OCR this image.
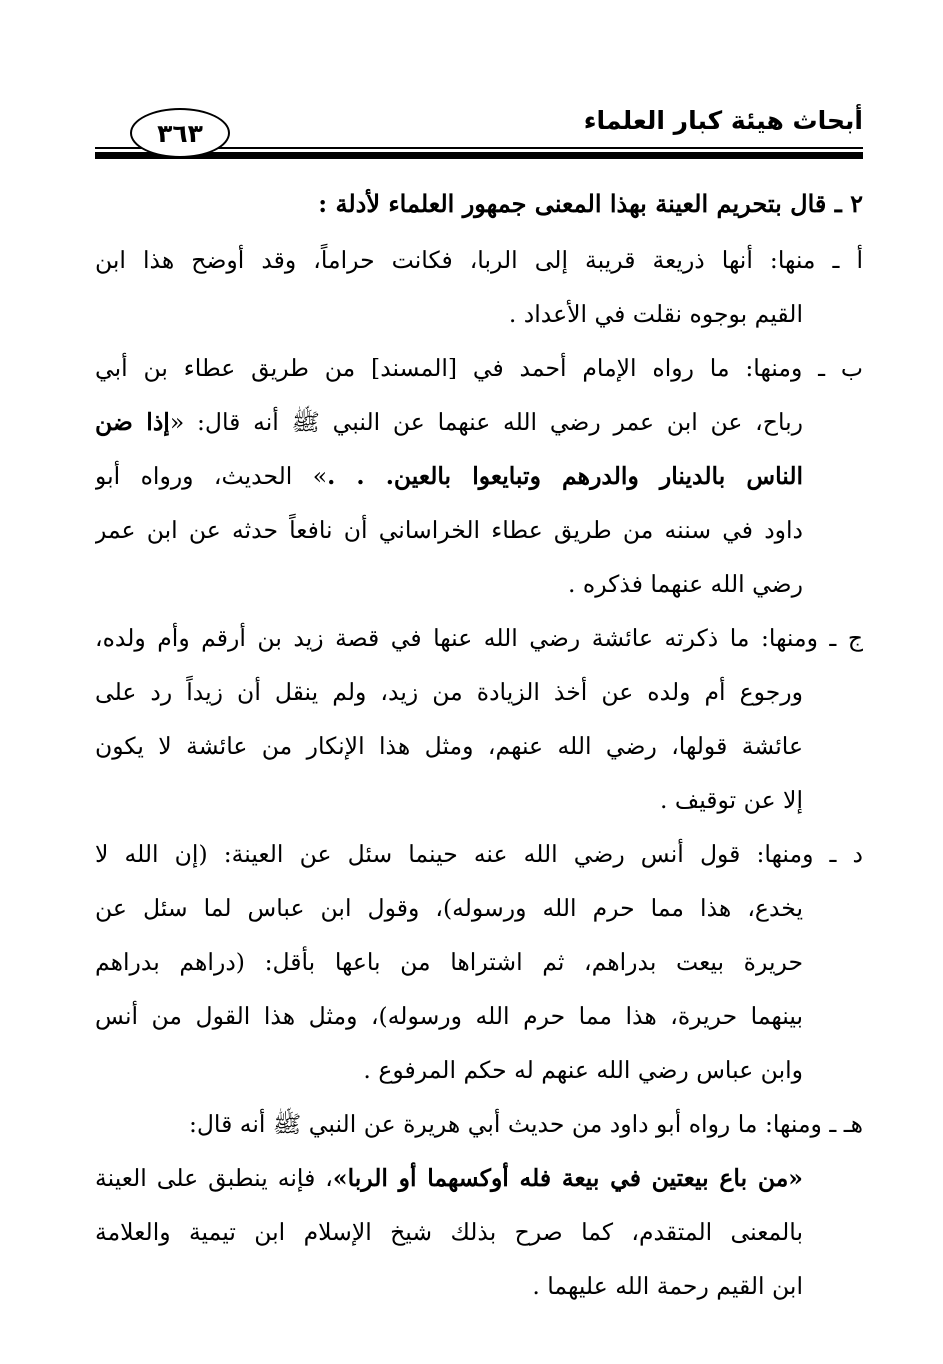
أبحاث هيئة كبار العلماء
٣٦٣
٢ ـ قال بتحريم العينة بهذا المعنى جمهور العلماء لأدلة :
أ ـ منها: أنها ذريعة قريبة إلى الربا، فكانت حراماً، وقد أوضح هذا ابن
القيم بوجوه نقلت في الأعداد .
ب ـ ومنها: ما رواه الإمام أحمد في [المسند] من طريق عطاء بن أبي
رباح، عن ابن عمر رضي الله عنهما عن النبي ﷺ أنه قال: «إذا ضن
الناس بالدينار والدرهم وتبايعوا بالعين. . .» الحديث، ورواه أبو
داود في سننه من طريق عطاء الخراساني أن نافعاً حدثه عن ابن عمر
رضي الله عنهما فذكره .
ج ـ ومنها: ما ذكرته عائشة رضي الله عنها في قصة زيد بن أرقم وأم ولده،
ورجوع أم ولده عن أخذ الزيادة من زيد، ولم ينقل أن زيداً رد على
عائشة قولها، رضي الله عنهم، ومثل هذا الإنكار من عائشة لا يكون
إلا عن توقيف .
د ـ ومنها: قول أنس رضي الله عنه حينما سئل عن العينة: (إن الله لا
يخدع، هذا مما حرم الله ورسوله)، وقول ابن عباس لما سئل عن
حريرة بيعت بدراهم، ثم اشتراها من باعها بأقل: (دراهم بدراهم
بينهما حريرة، هذا مما حرم الله ورسوله)، ومثل هذا القول من أنس
وابن عباس رضي الله عنهم له حكم المرفوع .
هـ ـ ومنها: ما رواه أبو داود من حديث أبي هريرة عن النبي ﷺ أنه قال:
«من باع بيعتين في بيعة فله أوكسهما أو الربا»، فإنه ينطبق على العينة
بالمعنى المتقدم، كما صرح بذلك شيخ الإسلام ابن تيمية والعلامة
ابن القيم رحمة الله عليهما .
